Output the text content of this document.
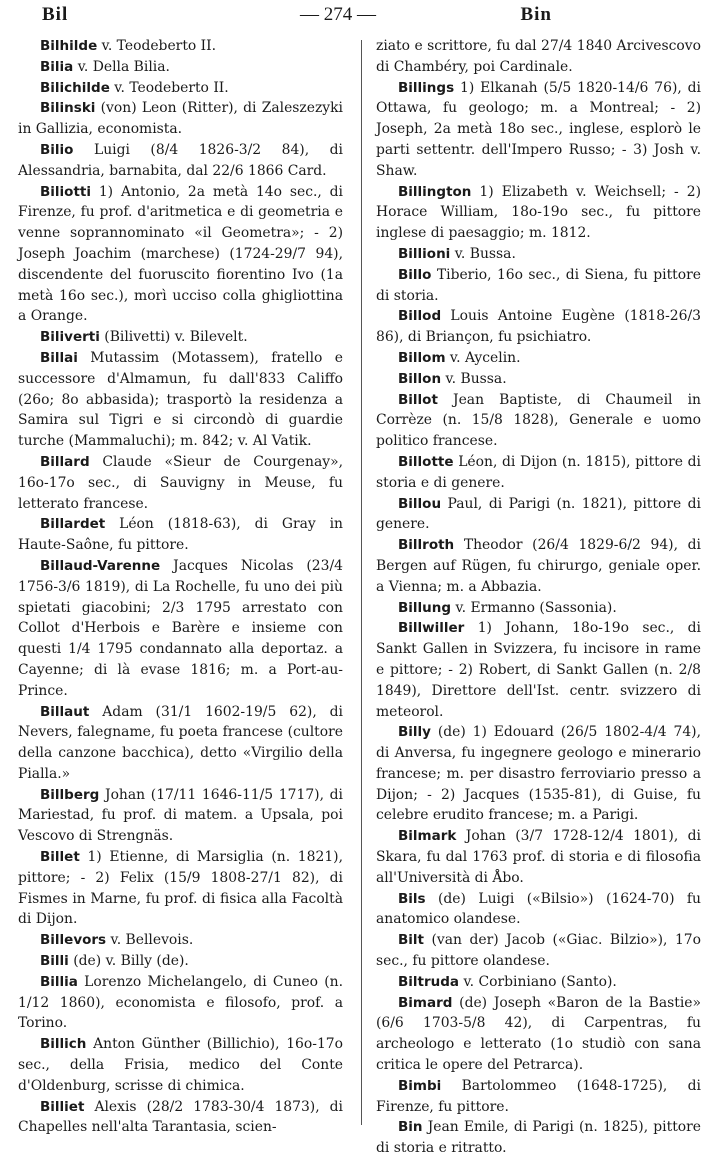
Bil	— 274 —	Bin

Bilhilde v. Teodeberto II.

Bilia v. Della Bilia.

Bilichilde v. Teodeberto II.

Bilinski (von) Leon (Ritter), di Zaleszezyki in Gallizia, economista.

Bilio Luigi (8/4 1826-3/2 84), di Alessandria, barnabita, dal 22/6 1866 Card.

Biliotti 1) Antonio, 2a metà 14o sec., di Firenze, fu prof. d'aritmetica e di geometria e venne soprannominato «il Geometra»; - 2) Joseph Joachim (marchese) (1724-29/7 94), discendente del fuoruscito fiorentino Ivo (1a metà 16o sec.), morì ucciso colla ghigliottina a Orange.

Biliverti (Bilivetti) v. Bilevelt.

Billai Mutassim (Motassem), fratello e successore d'Almamun, fu dall'833 Califfo (26o; 8o abbasida); trasportò la residenza a Samira sul Tigri e si circondò di guardie turche (Mammaluchi); m. 842; v. Al Vatik.

Billard Claude «Sieur de Courgenay», 16o-17o sec., di Sauvigny in Meuse, fu letterato francese.

Billardet Léon (1818-63), di Gray in Haute-Saône, fu pittore.

Billaud-Varenne Jacques Nicolas (23/4 1756-3/6 1819), di La Rochelle, fu uno dei più spietati giacobini; 2/3 1795 arrestato con Collot d'Herbois e Barère e insieme con questi 1/4 1795 condannato alla deportaz. a Cayenne; di là evase 1816; m. a Port-au-Prince.

Billaut Adam (31/1 1602-19/5 62), di Nevers, falegname, fu poeta francese (cultore della canzone bacchica), detto «Virgilio della Pialla.»

Billberg Johan (17/11 1646-11/5 1717), di Mariestad, fu prof. di matem. a Upsala, poi Vescovo di Strengnäs.

Billet 1) Etienne, di Marsiglia (n. 1821), pittore; - 2) Felix (15/9 1808-27/1 82), di Fismes in Marne, fu prof. di fisica alla Facoltà di Dijon.

Billevors v. Bellevois.

Billi (de) v. Billy (de).

Billia Lorenzo Michelangelo, di Cuneo (n. 1/12 1860), economista e filosofo, prof. a Torino.

Billich Anton Günther (Billichio), 16o-17o sec., della Frisia, medico del Conte d'Oldenburg, scrisse di chimica.

Billiet Alexis (28/2 1783-30/4 1873), di Chapelles nell'alta Tarantasia, scien-

ziato e scrittore, fu dal 27/4 1840 Arcivescovo di Chambéry, poi Cardinale.

Billings 1) Elkanah (5/5 1820-14/6 76), di Ottawa, fu geologo; m. a Montreal; - 2) Joseph, 2a metà 18o sec., inglese, esplorò le parti settentr. dell'Impero Russo; - 3) Josh v. Shaw.

Billington 1) Elizabeth v. Weichsell; - 2) Horace William, 18o-19o sec., fu pittore inglese di paesaggio; m. 1812.

Billioni v. Bussa.

Billo Tiberio, 16o sec., di Siena, fu pittore di storia.

Billod Louis Antoine Eugène (1818-26/3 86), di Briançon, fu psichiatro.

Billom v. Aycelin.

Billon v. Bussa.

Billot Jean Baptiste, di Chaumeil in Corrèze (n. 15/8 1828), Generale e uomo politico francese.

Billotte Léon, di Dijon (n. 1815), pittore di storia e di genere.

Billou Paul, di Parigi (n. 1821), pittore di genere.

Billroth Theodor (26/4 1829-6/2 94), di Bergen auf Rügen, fu chirurgo, geniale oper. a Vienna; m. a Abbazia.

Billung v. Ermanno (Sassonia).

Billwiller 1) Johann, 18o-19o sec., di Sankt Gallen in Svizzera, fu incisore in rame e pittore; - 2) Robert, di Sankt Gallen (n. 2/8 1849), Direttore dell'Ist. centr. svizzero di meteorol.

Billy (de) 1) Edouard (26/5 1802-4/4 74), di Anversa, fu ingegnere geologo e minerario francese; m. per disastro ferroviario presso a Dijon; - 2) Jacques (1535-81), di Guise, fu celebre erudito francese; m. a Parigi.

Bilmark Johan (3/7 1728-12/4 1801), di Skara, fu dal 1763 prof. di storia e di filosofia all'Università di Åbo.

Bils (de) Luigi («Bilsio») (1624-70) fu anatomico olandese.

Bilt (van der) Jacob («Giac. Bilzio»), 17o sec., fu pittore olandese.

Biltruda v. Corbiniano (Santo).

Bimard (de) Joseph «Baron de la Bastie» (6/6 1703-5/8 42), di Carpentras, fu archeologo e letterato (1o studiò con sana critica le opere del Petrarca).

Bimbi Bartolommeo (1648-1725), di Firenze, fu pittore.

Bin Jean Emile, di Parigi (n. 1825), pittore di storia e ritratto.
